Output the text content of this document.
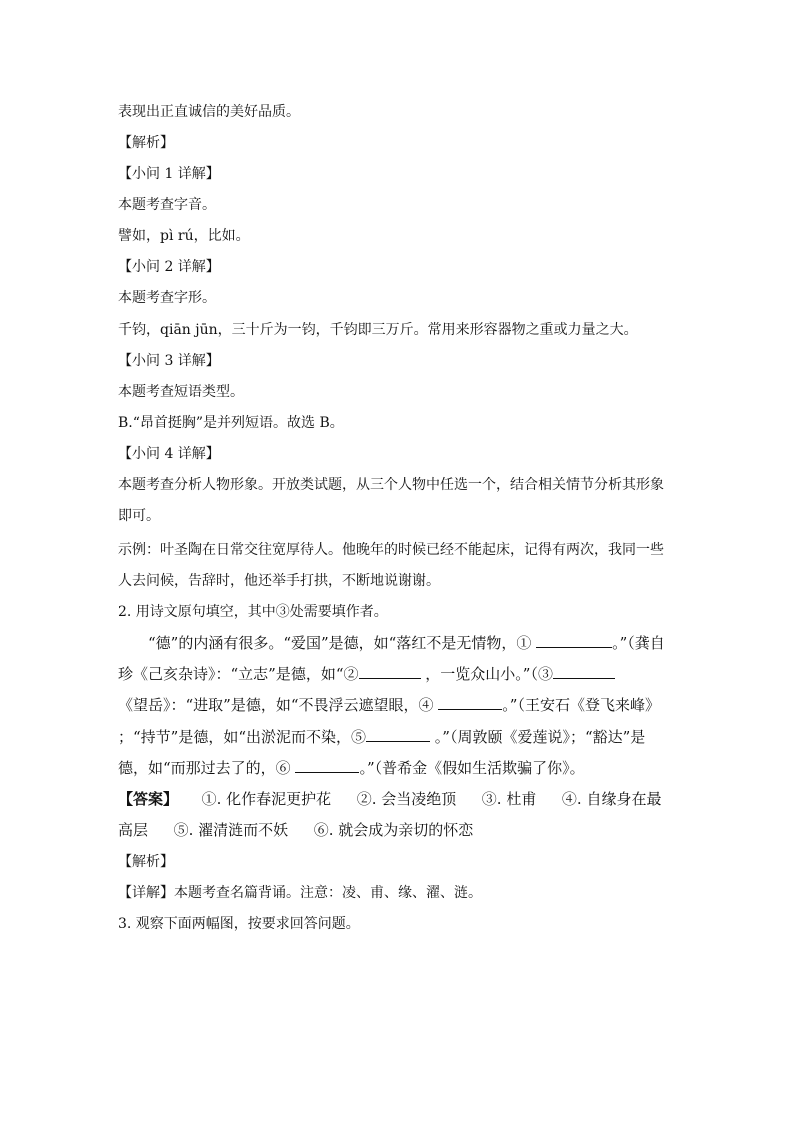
表现出正直诚信的美好品质。
【解析】
【小问 1 详解】
本题考查字音。
譬如，pì rú，比如。
【小问 2 详解】
本题考查字形。
千钧，qiān jūn，三十斤为一钧，千钧即三万斤。常用来形容器物之重或力量之大。
【小问 3 详解】
本题考查短语类型。
B.“昂首挺胸”是并列短语。故选 B。
【小问 4 详解】
本题考查分析人物形象。开放类试题，从三个人物中任选一个，结合相关情节分析其形象
即可。
示例：叶圣陶在日常交往宽厚待人。他晚年的时候已经不能起床，记得有两次，我同一些
人去问候，告辞时，他还举手打拱，不断地说谢谢。
2. 用诗文原句填空，其中③处需要填作者。
“德”的内涵有很多。“爱国”是德，如“落红不是无情物，①	。”（龚自
珍《己亥杂诗》：“立志”是德，如“②	，一览众山小。”（③
《望岳》：“进取”是德，如“不畏浮云遮望眼，④	。”（王安石《登飞来峰》
；“持节”是德，如“出淤泥而不染，⑤	。”（周敦颐《爱莲说》；“豁达”是
德，如“而那过去了的，⑥	。”（普希金《假如生活欺骗了你》。
【答案】 ①. 化作春泥更护花 ②. 会当凌绝顶 ③. 杜甫 ④. 自缘身在最
高层 ⑤. 濯清涟而不妖 ⑥. 就会成为亲切的怀恋
【解析】
【详解】本题考查名篇背诵。注意：凌、甫、缘、濯、涟。
3. 观察下面两幅图，按要求回答问题。
